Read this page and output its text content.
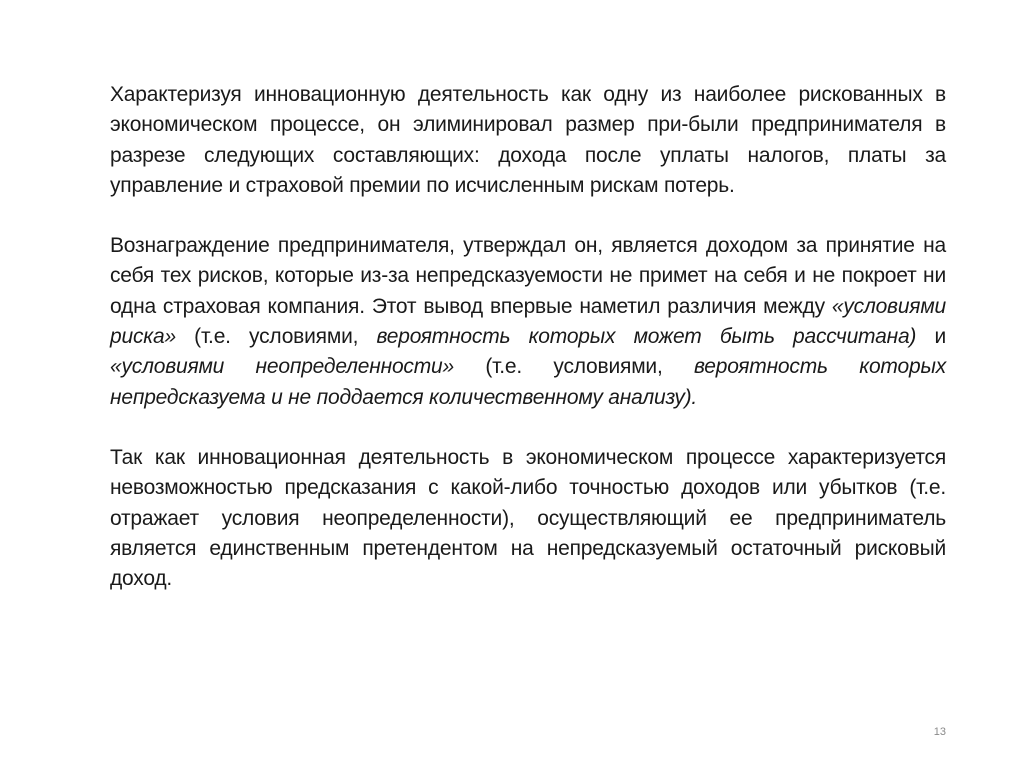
Характеризуя инновационную деятельность как одну из наиболее рискованных в экономическом процессе, он элиминировал размер при-были предпринимателя в разрезе следующих составляющих: дохода после уплаты налогов, платы за управление и страховой премии по исчисленным рискам потерь.

Вознаграждение предпринимателя, утверждал он, является доходом за принятие на себя тех рисков, которые из-за непредсказуемости не примет на себя и не покроет ни одна страховая компания. Этот вывод впервые наметил различия между «условиями риска» (т.е. условиями, вероятность которых может быть рассчитана) и «условиями неопределенности» (т.е. условиями, вероятность которых непредсказуема и не поддается количественному анализу).

Так как инновационная деятельность в экономическом процессе характеризуется невозможностью предсказания с какой-либо точностью доходов или убытков (т.е. отражает условия неопределенности), осуществляющий ее предприниматель является единственным претендентом на непредсказуемый остаточный рисковый доход.

13
